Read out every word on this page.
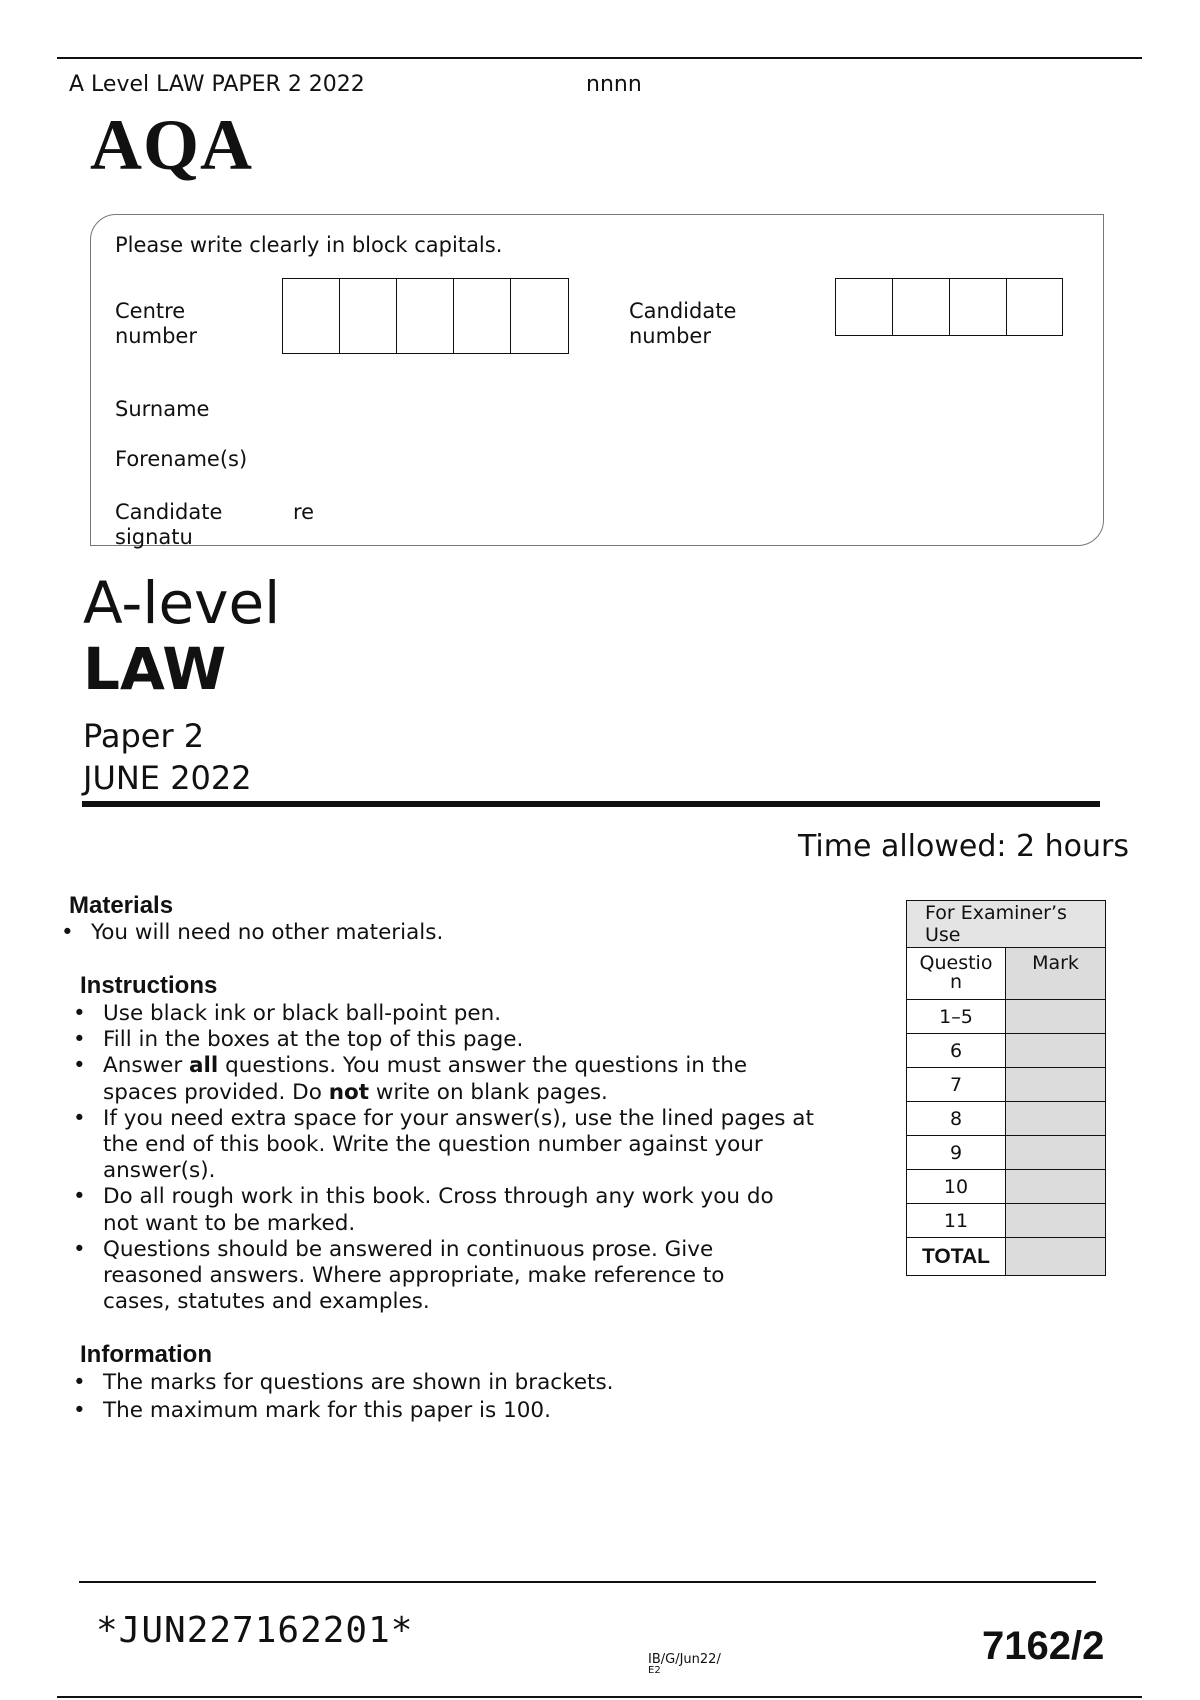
A Level LAW PAPER 2 2022	nnnn
AQA
Please write clearly in block capitals.
Centre
number
Candidate
number
Surname
Forename(s)
Candidate
signatu
re
A-level
LAW
Paper 2
JUNE 2022
Time allowed: 2 hours
Materials
• You will need no other materials.
Instructions
• Use black ink or black ball-point pen.
• Fill in the boxes at the top of this page.
• Answer all questions. You must answer the questions in the
spaces provided. Do not write on blank pages.
• If you need extra space for your answer(s), use the lined pages at
the end of this book. Write the question number against your
answer(s).
• Do all rough work in this book. Cross through any work you do
not want to be marked.
• Questions should be answered in continuous prose. Give
reasoned answers. Where appropriate, make reference to
cases, statutes and examples.
Information
• The marks for questions are shown in brackets.
• The maximum mark for this paper is 100.
For Examiner’s Use	

Questio
n	Mark
1–5	
6	
7	
8	
9	
10	
11	
TOTAL	
*JUN227162201*
IB/G/Jun22/
E2
7162/2
